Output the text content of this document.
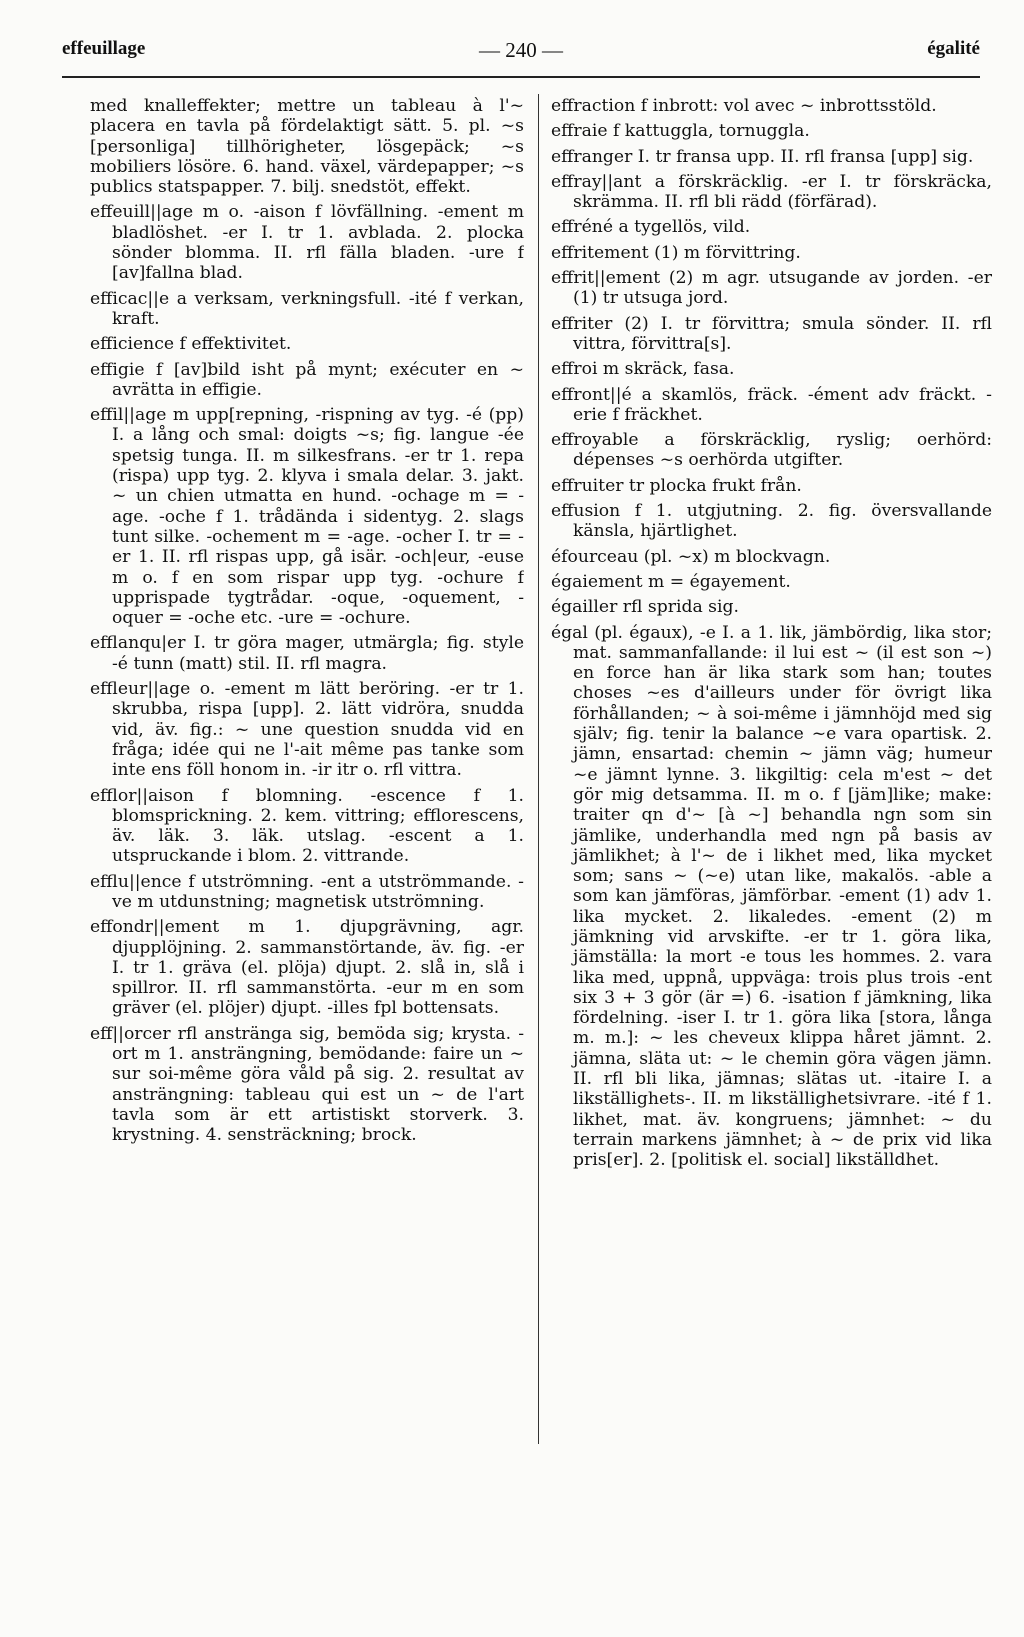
effeuillage	— 240 —	égalité

med knalleffekter; mettre un tableau à l'~ placera en tavla på fördelaktigt sätt. 5. pl. ~s [personliga] tillhörigheter, lösgepäck; ~s mobiliers lösöre. 6. hand. växel, värdepapper; ~s publics statspapper. 7. bilj. snedstöt, effekt.

effeuill||age m o. -aison f lövfällning. -ement m bladlöshet. -er I. tr 1. avblada. 2. plocka sönder blomma. II. rfl fälla bladen. -ure f [av]fallna blad.

efficac||e a verksam, verkningsfull. -ité f verkan, kraft.

efficience f effektivitet.

effigie f [av]bild isht på mynt; exécuter en ~ avrätta in effigie.

effil||age m upp[repning, -rispning av tyg. -é (pp) I. a lång och smal: doigts ~s; fig. langue -ée spetsig tunga. II. m silkesfrans. -er tr 1. repa (rispa) upp tyg. 2. klyva i smala delar. 3. jakt. ~ un chien utmatta en hund. -ochage m = -age. -oche f 1. trådända i sidentyg. 2. slags tunt silke. -ochement m = -age. -ocher I. tr = -er 1. II. rfl rispas upp, gå isär. -och|eur, -euse m o. f en som rispar upp tyg. -ochure f upprispade tygtrådar. -oque, -oquement, -oquer = -oche etc. -ure = -ochure.

efflanqu|er I. tr göra mager, utmärgla; fig. style -é tunn (matt) stil. II. rfl magra.

effleur||age o. -ement m lätt beröring. -er tr 1. skrubba, rispa [upp]. 2. lätt vidröra, snudda vid, äv. fig.: ~ une question snudda vid en fråga; idée qui ne l'-ait même pas tanke som inte ens föll honom in. -ir itr o. rfl vittra.

efflor||aison f blomning. -escence f 1. blomsprickning. 2. kem. vittring; efflorescens, äv. läk. 3. läk. utslag. -escent a 1. utspruckande i blom. 2. vittrande.

efflu||ence f utströmning. -ent a utströmmande. -ve m utdunstning; magnetisk utströmning.

effondr||ement m 1. djupgrävning, agr. djupplöjning. 2. sammanstörtande, äv. fig. -er I. tr 1. gräva (el. plöja) djupt. 2. slå in, slå i spillror. II. rfl sammanstörta. -eur m en som gräver (el. plöjer) djupt. -illes fpl bottensats.

eff||orcer rfl anstränga sig, bemöda sig; krysta. -ort m 1. ansträngning, bemödande: faire un ~ sur soi-même göra våld på sig. 2. resultat av ansträngning: tableau qui est un ~ de l'art tavla som är ett artistiskt storverk. 3. krystning. 4. sensträckning; brock.

effraction f inbrott: vol avec ~ inbrottsstöld.

effraie f kattuggla, tornuggla.

effranger I. tr fransa upp. II. rfl fransa [upp] sig.

effray||ant a förskräcklig. -er I. tr förskräcka, skrämma. II. rfl bli rädd (förfärad).

effréné a tygellös, vild.

effritement (1) m förvittring.

effrit||ement (2) m agr. utsugande av jorden. -er (1) tr utsuga jord.

effriter (2) I. tr förvittra; smula sönder. II. rfl vittra, förvittra[s].

effroi m skräck, fasa.

effront||é a skamlös, fräck. -ément adv fräckt. -erie f fräckhet.

effroyable a förskräcklig, ryslig; oerhörd: dépenses ~s oerhörda utgifter.

effruiter tr plocka frukt från.

effusion f 1. utgjutning. 2. fig. översvallande känsla, hjärtlighet.

éfourceau (pl. ~x) m blockvagn.

égaiement m = égayement.

égailler rfl sprida sig.

égal (pl. égaux), -e I. a 1. lik, jämbördig, lika stor; mat. sammanfallande: il lui est ~ (il est son ~) en force han är lika stark som han; toutes choses ~es d'ailleurs under för övrigt lika förhållanden; ~ à soi-même i jämnhöjd med sig själv; fig. tenir la balance ~e vara opartisk. 2. jämn, ensartad: chemin ~ jämn väg; humeur ~e jämnt lynne. 3. likgiltig: cela m'est ~ det gör mig detsamma. II. m o. f [jäm]like; make: traiter qn d'~ [à ~] behandla ngn som sin jämlike, underhandla med ngn på basis av jämlikhet; à l'~ de i likhet med, lika mycket som; sans ~ (~e) utan like, makalös. -able a som kan jämföras, jämförbar. -ement (1) adv 1. lika mycket. 2. likaledes. -ement (2) m jämkning vid arvskifte. -er tr 1. göra lika, jämställa: la mort -e tous les hommes. 2. vara lika med, uppnå, uppväga: trois plus trois -ent six 3 + 3 gör (är =) 6. -isation f jämkning, lika fördelning. -iser I. tr 1. göra lika [stora, långa m. m.]: ~ les cheveux klippa håret jämnt. 2. jämna, släta ut: ~ le chemin göra vägen jämn. II. rfl bli lika, jämnas; slätas ut. -itaire I. a likställighets-. II. m likställighetsivrare. -ité f 1. likhet, mat. äv. kongruens; jämnhet: ~ du terrain markens jämnhet; à ~ de prix vid lika pris[er]. 2. [politisk el. social] likställdhet.
